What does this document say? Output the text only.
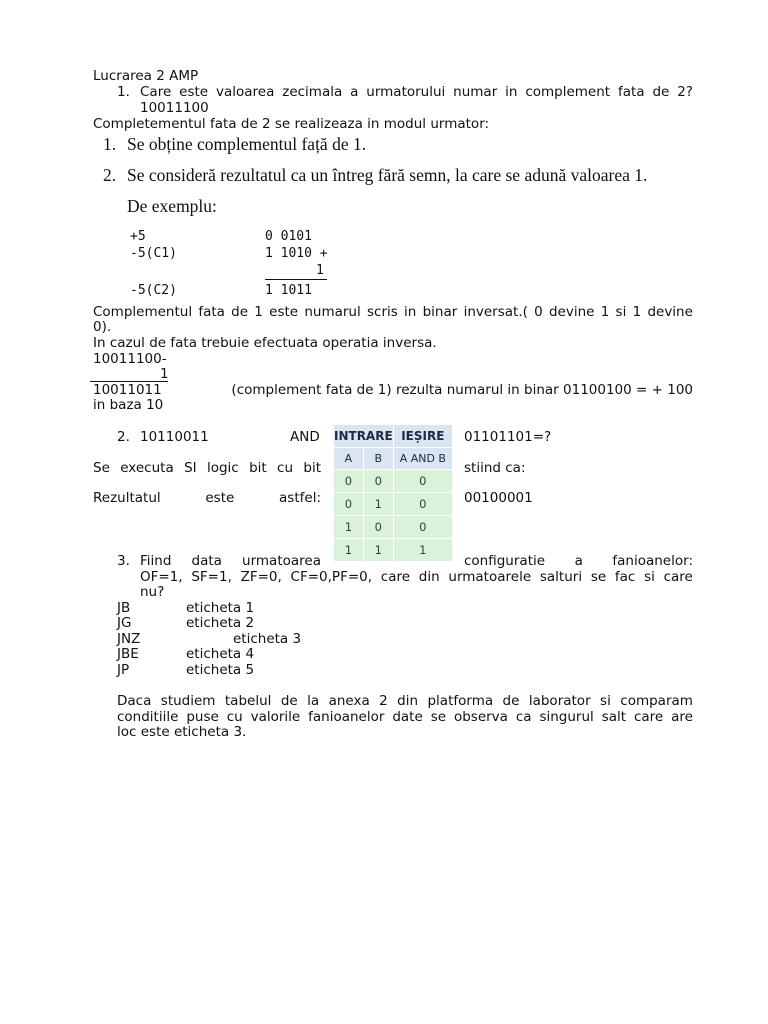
Lucrarea 2 AMP
1. Care este valoarea zecimala a urmatorului numar in complement fata de 2?
10011100
Completementul fata de 2 se realizeaza in modul urmator:
1. Se obține complementul față de 1.
2. Se consideră rezultatul ca un întreg fără semn, la care se adună valoarea 1.
De exemplu:
+5	0 0101
-5(C1)	1 1010 +
1
-5(C2)	1 1011
Complementul fata de 1 este numarul scris in binar inversat.( 0 devine 1 si 1 devine
0).
In cazul de fata trebuie efectuata operatia inversa.
10011100-
1
10011011	(complement fata de 1) rezulta numarul in binar 01100100 = + 100
in baza 10
2. 10110011	AND	01101101=?
Se executa SI logic bit cu bit	stiind ca:
Rezultatul	este	astfel:	00100001
INTRARE		IEȘIRE
A	B	A AND B
0	0	0
0	1	0
1	0	0
1	1	1
3. Fiind data urmatoarea	configuratie a fanioanelor:
OF=1, SF=1, ZF=0, CF=0,PF=0, care din urmatoarele salturi se fac si care
nu?
JB	eticheta 1
JG	eticheta 2
JNZ	eticheta 3
JBE	eticheta 4
JP	eticheta 5
Daca studiem tabelul de la anexa 2 din platforma de laborator si comparam
conditiile puse cu valorile fanioanelor date se observa ca singurul salt care are
loc este eticheta 3.
